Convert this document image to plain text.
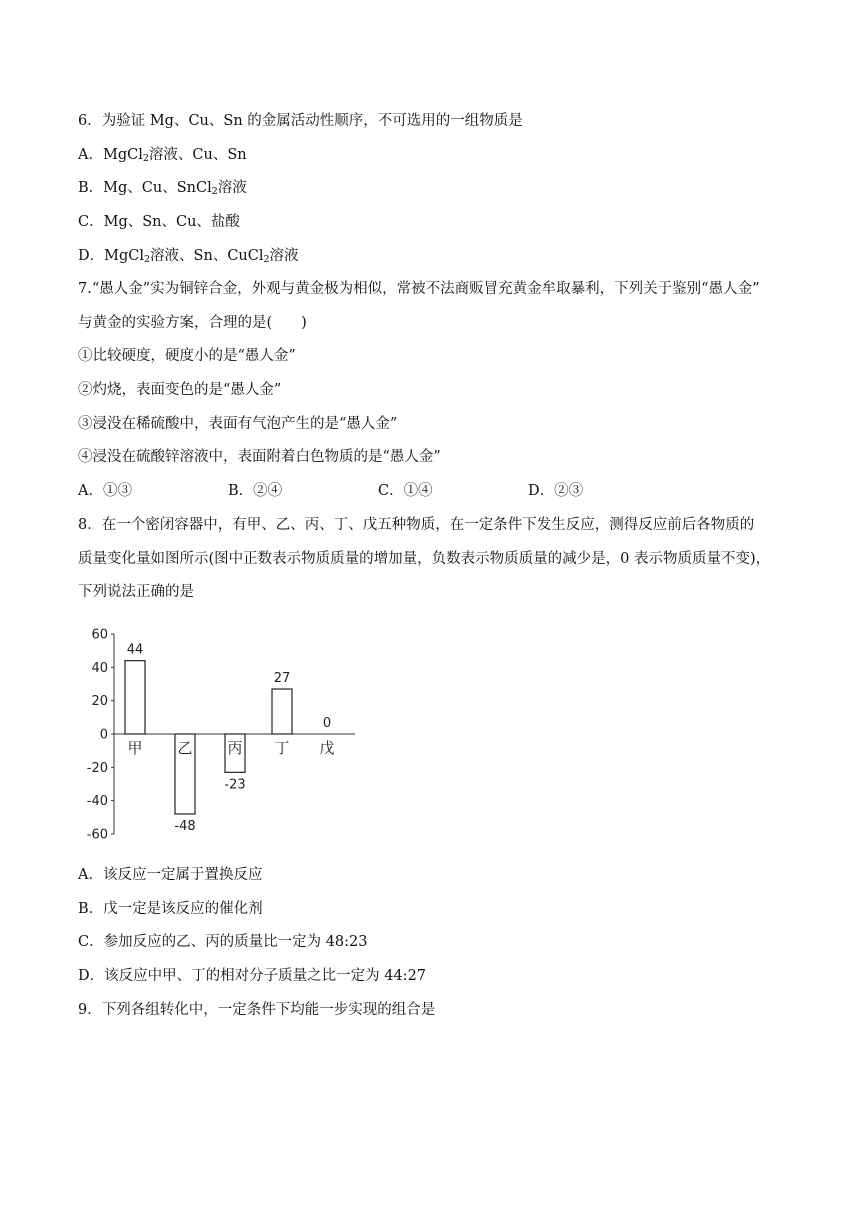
6．为验证 Mg、Cu、Sn 的金属活动性顺序，不可选用的一组物质是
A．MgCl$_2$溶液、Cu、Sn
B．Mg、Cu、SnCl$_2$溶液
C．Mg、Sn、Cu、盐酸
D．MgCl$_2$溶液、Sn、CuCl$_2$溶液
7.“愚人金”实为铜锌合金，外观与黄金极为相似，常被不法商贩冒充黄金牟取暴利，下列关于鉴别“愚人金”
与黄金的实验方案，合理的是(　　)
①比较硬度，硬度小的是“愚人金”
②灼烧，表面变色的是“愚人金”
③浸没在稀硫酸中，表面有气泡产生的是“愚人金”
④浸没在硫酸锌溶液中，表面附着白色物质的是“愚人金”
A．①③	B．②④	C．①④	D．②③
8．在一个密闭容器中，有甲、乙、丙、丁、戊五种物质，在一定条件下发生反应，测得反应前后各物质的
质量变化量如图所示(图中正数表示物质质量的增加量，负数表示物质质量的减少是，0 表示物质质量不变)，
下列说法正确的是
60
40
20
0
-20
-40
-60
44
甲
-48
乙
-23
丙
27
丁
0
戊
A．该反应一定属于置换反应
B．戊一定是该反应的催化剂
C．参加反应的乙、丙的质量比一定为 48:23
D．该反应中甲、丁的相对分子质量之比一定为 44:27
9．下列各组转化中，一定条件下均能一步实现的组合是
